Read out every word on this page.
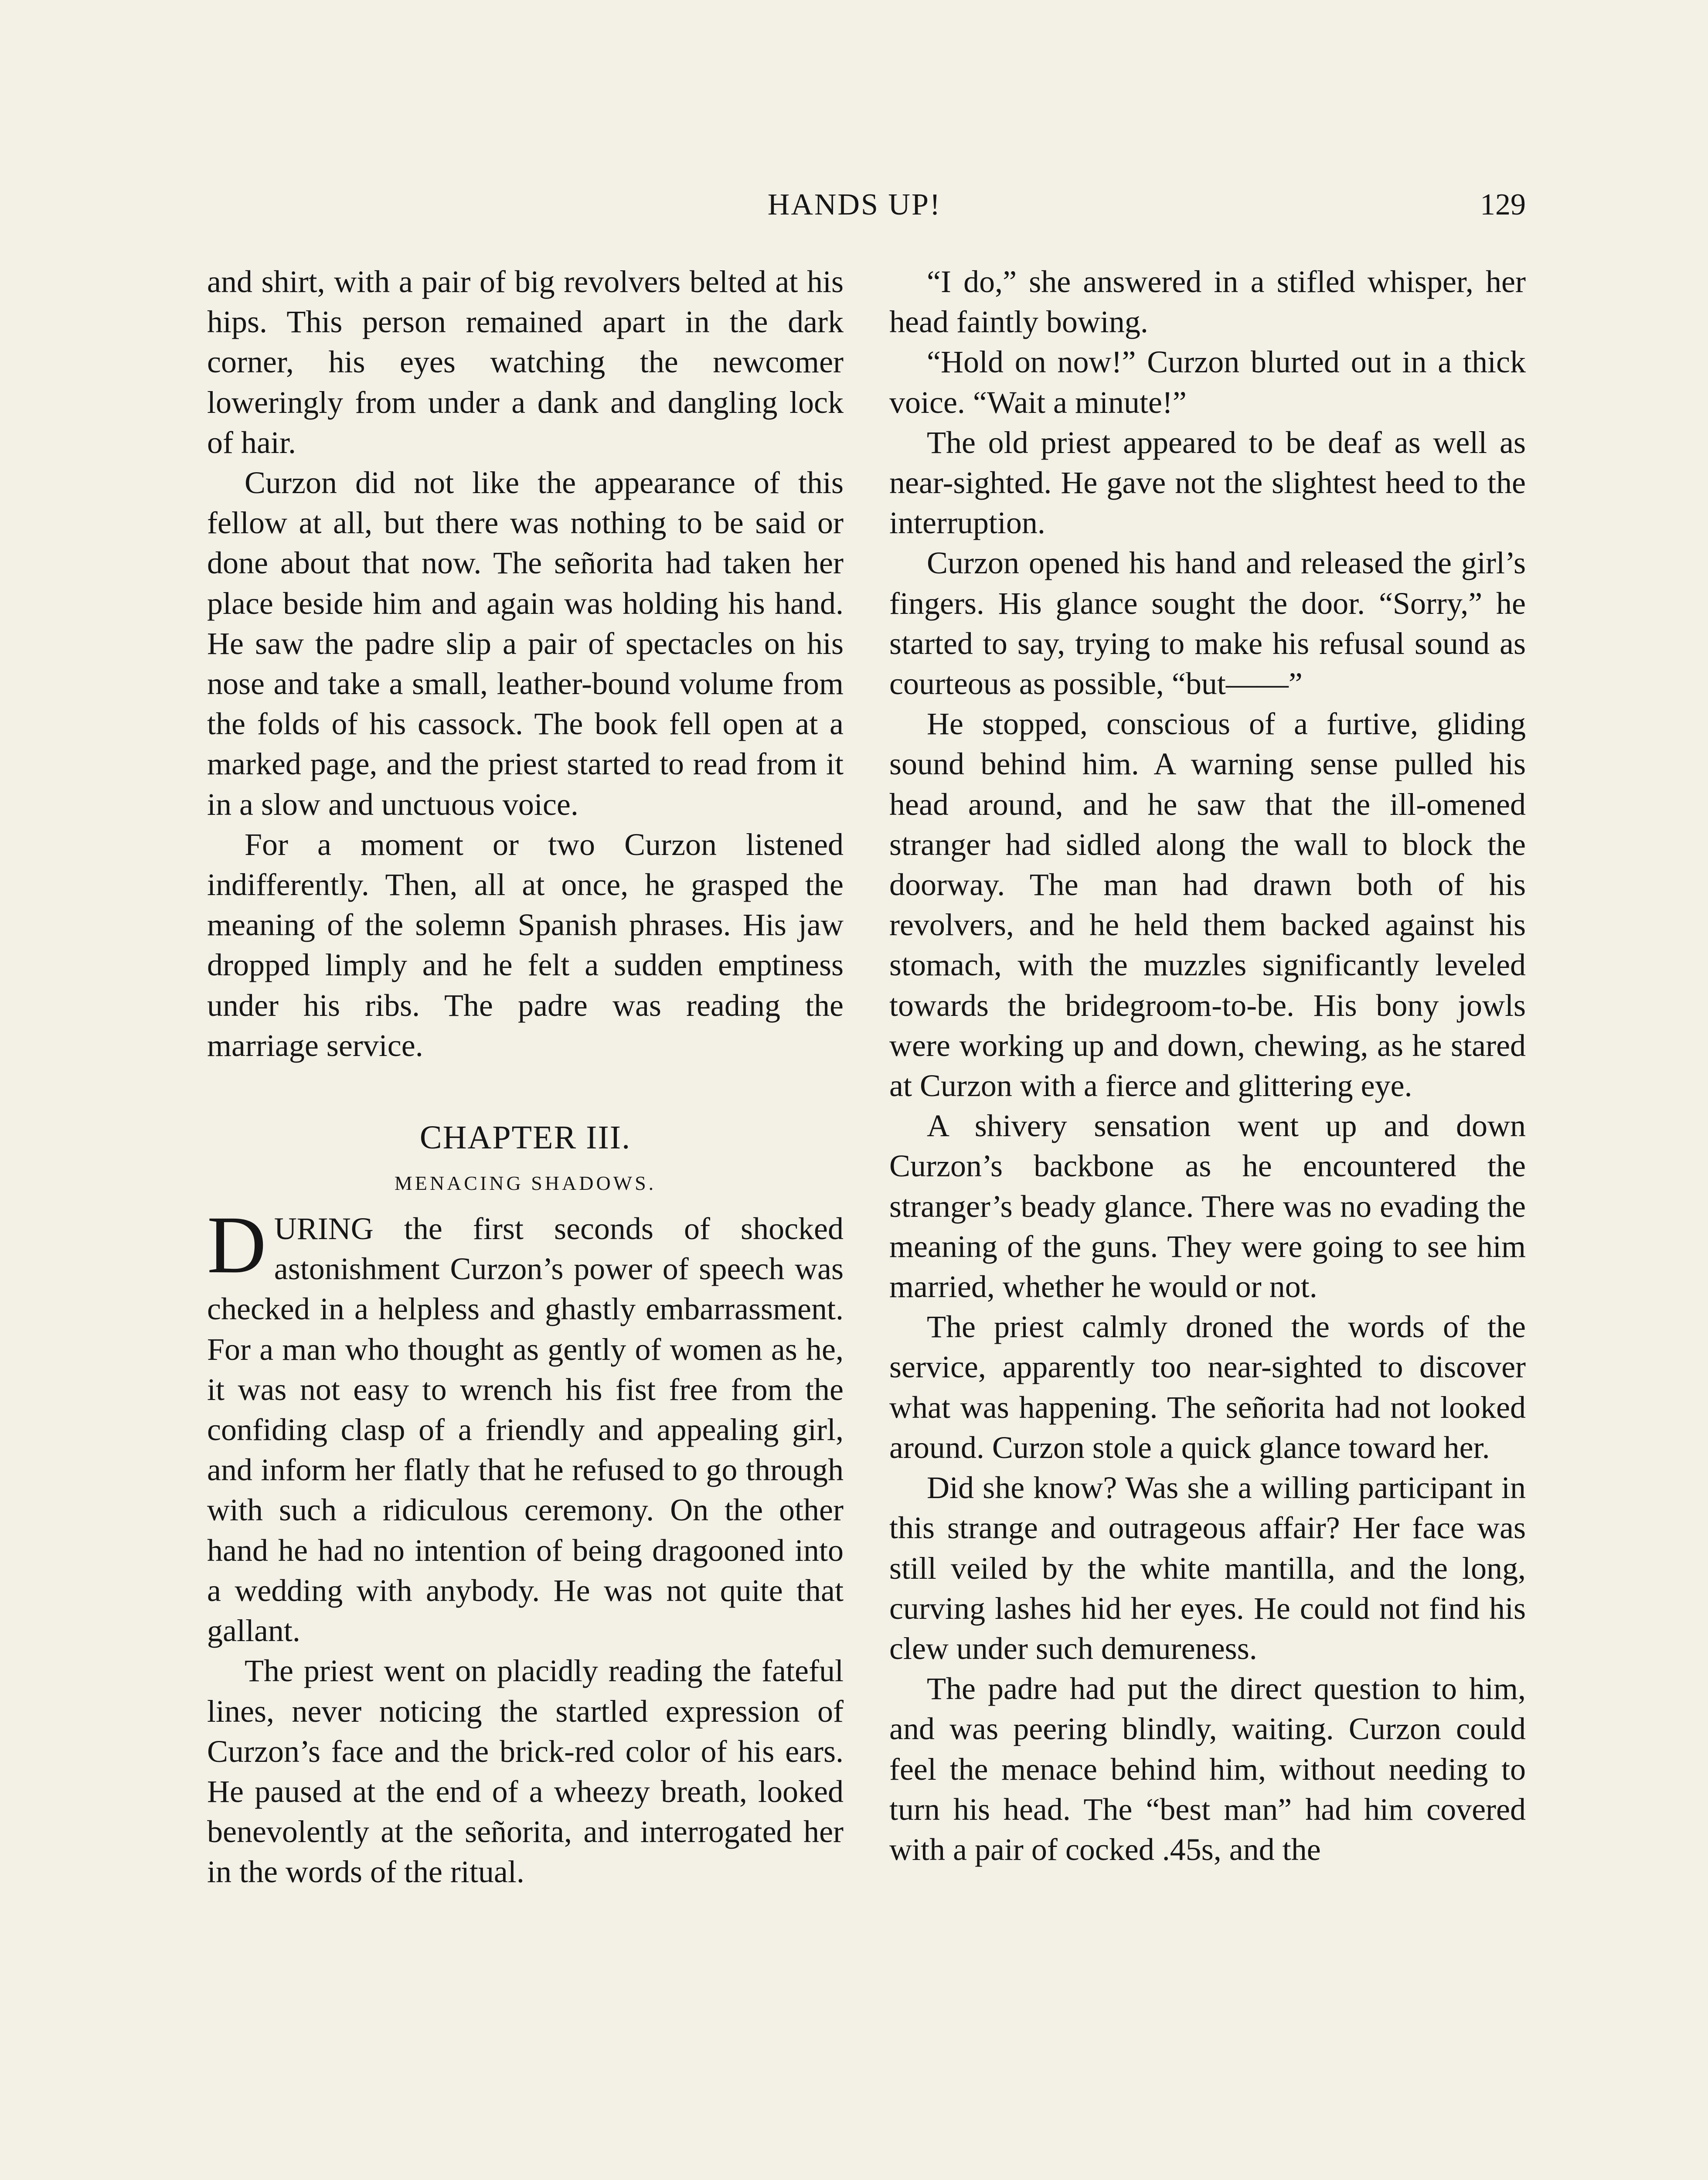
HANDS UP!	129

and shirt, with a pair of big revolvers belted at his hips. This person remained apart in the dark corner, his eyes watching the newcomer loweringly from under a dank and dangling lock of hair.

Curzon did not like the appearance of this fellow at all, but there was nothing to be said or done about that now. The señorita had taken her place beside him and again was holding his hand. He saw the padre slip a pair of spectacles on his nose and take a small, leather-bound volume from the folds of his cassock. The book fell open at a marked page, and the priest started to read from it in a slow and unctuous voice.

For a moment or two Curzon listened indifferently. Then, all at once, he grasped the meaning of the solemn Spanish phrases. His jaw dropped limply and he felt a sudden emptiness under his ribs. The padre was reading the marriage service.

CHAPTER III.

MENACING SHADOWS.

DURING the first seconds of shocked astonishment Curzon’s power of speech was checked in a helpless and ghastly embarrassment. For a man who thought as gently of women as he, it was not easy to wrench his fist free from the confiding clasp of a friendly and appealing girl, and inform her flatly that he refused to go through with such a ridiculous ceremony. On the other hand he had no intention of being dragooned into a wedding with anybody. He was not quite that gallant.

The priest went on placidly reading the fateful lines, never noticing the startled expression of Curzon’s face and the brick-red color of his ears. He paused at the end of a wheezy breath, looked benevolently at the señorita, and interrogated her in the words of the ritual.

“I do,” she answered in a stifled whisper, her head faintly bowing.

“Hold on now!” Curzon blurted out in a thick voice. “Wait a minute!”

The old priest appeared to be deaf as well as near-sighted. He gave not the slightest heed to the interruption.

Curzon opened his hand and released the girl’s fingers. His glance sought the door. “Sorry,” he started to say, trying to make his refusal sound as courteous as possible, “but——”

He stopped, conscious of a furtive, gliding sound behind him. A warning sense pulled his head around, and he saw that the ill-omened stranger had sidled along the wall to block the doorway. The man had drawn both of his revolvers, and he held them backed against his stomach, with the muzzles significantly leveled towards the bridegroom-to-be. His bony jowls were working up and down, chewing, as he stared at Curzon with a fierce and glittering eye.

A shivery sensation went up and down Curzon’s backbone as he encountered the stranger’s beady glance. There was no evading the meaning of the guns. They were going to see him married, whether he would or not.

The priest calmly droned the words of the service, apparently too near-sighted to discover what was happening. The señorita had not looked around. Curzon stole a quick glance toward her.

Did she know? Was she a willing participant in this strange and outrageous affair? Her face was still veiled by the white mantilla, and the long, curving lashes hid her eyes. He could not find his clew under such demureness.

The padre had put the direct question to him, and was peering blindly, waiting. Curzon could feel the menace behind him, without needing to turn his head. The “best man” had him covered with a pair of cocked .45s, and the
